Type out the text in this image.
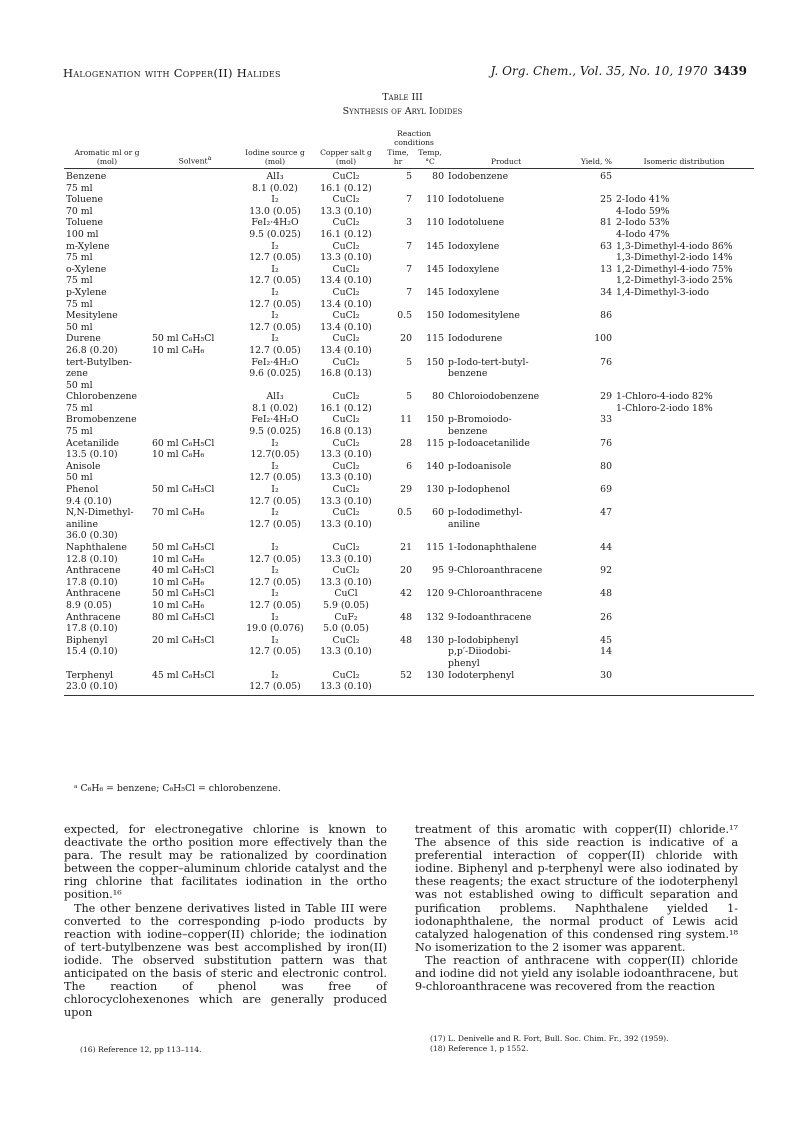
Halogenation with Copper(II) Halides	J. Org. Chem., Vol. 35, No. 10, 1970 3439
Table III
Synthesis of Aryl Iodides
				Reaction conditions				
Aromatic ml or g (mol)	Solvent$^a$	Iodine source g (mol)	Copper salt g (mol)	Time, hr	Temp, °C	Product	Yield, %	Isomeric distribution
Benzene		AlI₃	CuCl₂	5	80	Iodobenzene	65	
75 ml		8.1 (0.02)	16.1 (0.12)					
Toluene		I₂	CuCl₂	7	110	Iodotoluene	25	2-Iodo 41%
70 ml		13.0 (0.05)	13.3 (0.10)					4-Iodo 59%
Toluene		FeI₂·4H₂O	CuCl₂	3	110	Iodotoluene	81	2-Iodo 53%
100 ml		9.5 (0.025)	16.1 (0.12)					4-Iodo 47%
m-Xylene		I₂	CuCl₂	7	145	Iodoxylene	63	1,3-Dimethyl-4-iodo 86%
75 ml		12.7 (0.05)	13.3 (0.10)					1,3-Dimethyl-2-iodo 14%
o-Xylene		I₂	CuCl₂	7	145	Iodoxylene	13	1,2-Dimethyl-4-iodo 75%
75 ml		12.7 (0.05)	13.4 (0.10)					1,2-Dimethyl-3-iodo 25%
p-Xylene		I₂	CuCl₂	7	145	Iodoxylene	34	1,4-Dimethyl-3-iodo
75 ml		12.7 (0.05)	13.4 (0.10)					
Mesitylene		I₂	CuCl₂	0.5	150	Iodomesitylene	86	
50 ml		12.7 (0.05)	13.4 (0.10)					
Durene	50 ml C₆H₅Cl	I₂	CuCl₂	20	115	Iododurene	100	
26.8 (0.20)	10 ml C₆H₆	12.7 (0.05)	13.4 (0.10)					
tert-Butylben-		FeI₂·4H₂O	CuCl₂	5	150	p-Iodo-tert-butyl-	76	
zene		9.6 (0.025)	16.8 (0.13)			benzene		
50 ml								
Chlorobenzene		AlI₃	CuCl₂	5	80	Chloroiodobenzene	29	1-Chloro-4-iodo 82%
75 ml		8.1 (0.02)	16.1 (0.12)					1-Chloro-2-iodo 18%
Bromobenzene		FeI₂·4H₂O	CuCl₂	11	150	p-Bromoiodo-	33	
75 ml		9.5 (0.025)	16.8 (0.13)			benzene		
Acetanilide	60 ml C₆H₅Cl	I₂	CuCl₂	28	115	p-Iodoacetanilide	76	
13.5 (0.10)	10 ml C₆H₆	12.7(0.05)	13.3 (0.10)					
Anisole		I₂	CuCl₂	6	140	p-Iodoanisole	80	
50 ml		12.7 (0.05)	13.3 (0.10)					
Phenol	50 ml C₆H₅Cl	I₂	CuCl₂	29	130	p-Iodophenol	69	
9.4 (0.10)		12.7 (0.05)	13.3 (0.10)					
N,N-Dimethyl-	70 ml C₆H₆	I₂	CuCl₂	0.5	60	p-Iododimethyl-	47	
aniline		12.7 (0.05)	13.3 (0.10)			aniline		
36.0 (0.30)								
Naphthalene	50 ml C₆H₅Cl	I₂	CuCl₂	21	115	1-Iodonaphthalene	44	
12.8 (0.10)	10 ml C₆H₆	12.7 (0.05)	13.3 (0.10)					
Anthracene	40 ml C₆H₅Cl	I₂	CuCl₂	20	95	9-Chloroanthracene	92	
17.8 (0.10)	10 ml C₆H₆	12.7 (0.05)	13.3 (0.10)					
Anthracene	50 ml C₆H₅Cl	I₂	CuCl	42	120	9-Chloroanthracene	48	
8.9 (0.05)	10 ml C₆H₆	12.7 (0.05)	5.9 (0.05)					
Anthracene	80 ml C₆H₅Cl	I₂	CuF₂	48	132	9-Iodoanthracene	26	
17.8 (0.10)		19.0 (0.076)	5.0 (0.05)					
Biphenyl	20 ml C₆H₅Cl	I₂	CuCl₂	48	130	p-Iodobiphenyl	45	
15.4 (0.10)		12.7 (0.05)	13.3 (0.10)			p,p′-Diiodobi-	14	
						phenyl		
Terphenyl	45 ml C₆H₅Cl	I₂	CuCl₂	52	130	Iodoterphenyl	30	
23.0 (0.10)		12.7 (0.05)	13.3 (0.10)					
ᵃ C₆H₆ = benzene; C₆H₅Cl = chlorobenzene.

expected, for electronegative chlorine is known to deactivate the ortho position more effectively than the para. The result may be rationalized by coordination between the copper–aluminum chloride catalyst and the ring chlorine that facilitates iodination in the ortho position.¹⁶

The other benzene derivatives listed in Table III were converted to the corresponding p-iodo products by reaction with iodine–copper(II) chloride; the iodination of tert-butylbenzene was best accomplished by iron(II) iodide. The observed substitution pattern was that anticipated on the basis of steric and electronic control. The reaction of phenol was free of chlorocyclohexenones which are generally produced upon

treatment of this aromatic with copper(II) chloride.¹⁷ The absence of this side reaction is indicative of a preferential interaction of copper(II) chloride with iodine. Biphenyl and p-terphenyl were also iodinated by these reagents; the exact structure of the iodoterphenyl was not established owing to difficult separation and purification problems. Naphthalene yielded 1-iodonaphthalene, the normal product of Lewis acid catalyzed halogenation of this condensed ring system.¹⁸ No isomerization to the 2 isomer was apparent.

The reaction of anthracene with copper(II) chloride and iodine did not yield any isolable iodoanthracene, but 9-chloroanthracene was recovered from the reaction

(16) Reference 12, pp 113–114.
(17) L. Denivelle and R. Fort, Bull. Soc. Chim. Fr., 392 (1959).
(18) Reference 1, p 1552.
